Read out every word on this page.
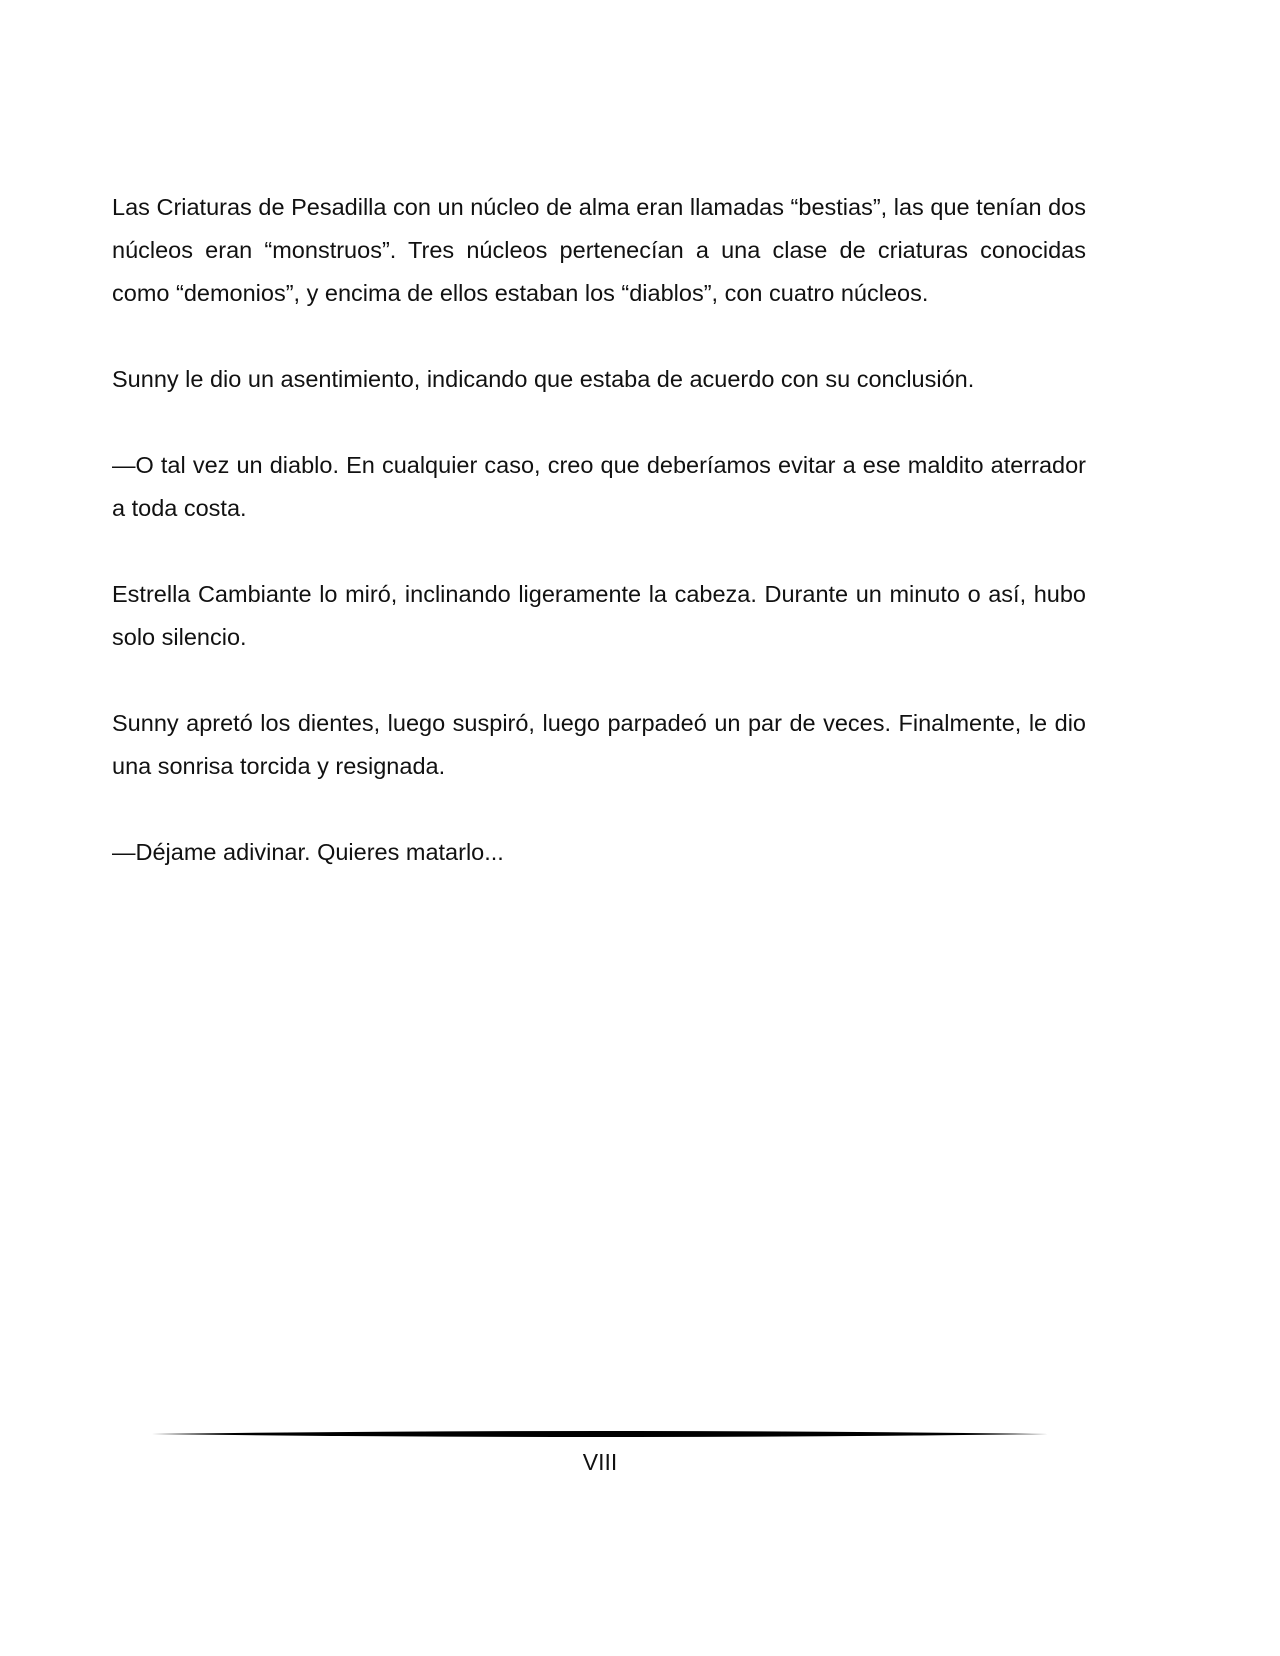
Las Criaturas de Pesadilla con un núcleo de alma eran llamadas “bestias”, las que tenían dos núcleos eran “monstruos”. Tres núcleos pertenecían a una clase de criaturas conocidas como “demonios”, y encima de ellos estaban los “diablos”, con cuatro núcleos.

Sunny le dio un asentimiento, indicando que estaba de acuerdo con su conclusión.

—O tal vez un diablo. En cualquier caso, creo que deberíamos evitar a ese maldito aterrador a toda costa.

Estrella Cambiante lo miró, inclinando ligeramente la cabeza. Durante un minuto o así, hubo solo silencio.

Sunny apretó los dientes, luego suspiró, luego parpadeó un par de veces. Finalmente, le dio una sonrisa torcida y resignada.

—Déjame adivinar. Quieres matarlo...

VIII
